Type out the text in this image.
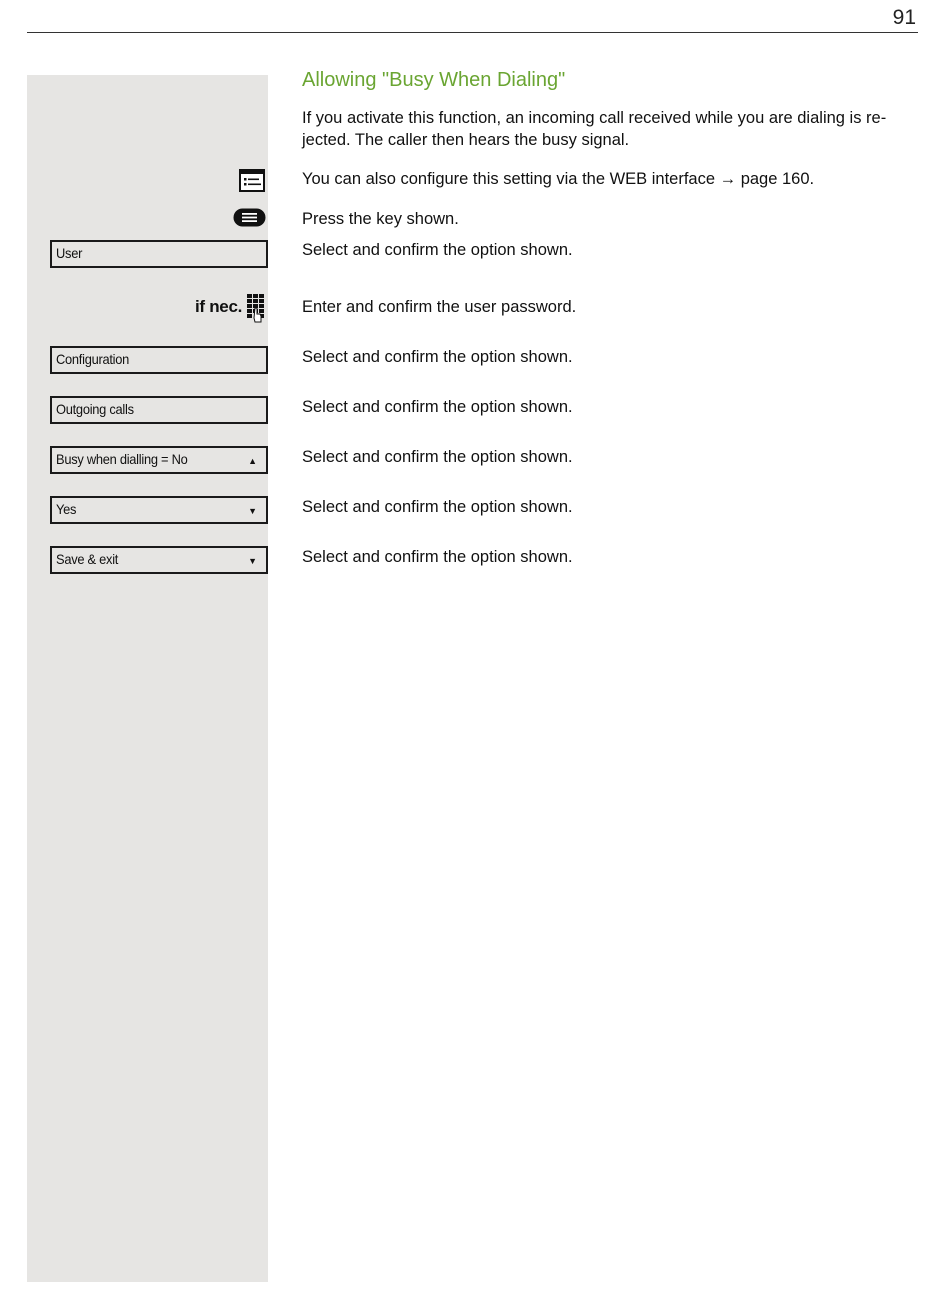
91
Allowing "Busy When Dialing"

If you activate this function, an incoming call received while you are dialing is re-jected. The caller then hears the busy signal.

You can also configure this setting via the WEB interface → page 160.
Press the key shown.
User	Select and confirm the option shown.
if nec.	Enter and confirm the user password.
Configuration	Select and confirm the option shown.
Outgoing calls	Select and confirm the option shown.
Busy when dialling = No	▲	Select and confirm the option shown.
Yes	▼	Select and confirm the option shown.
Save & exit	▼	Select and confirm the option shown.
